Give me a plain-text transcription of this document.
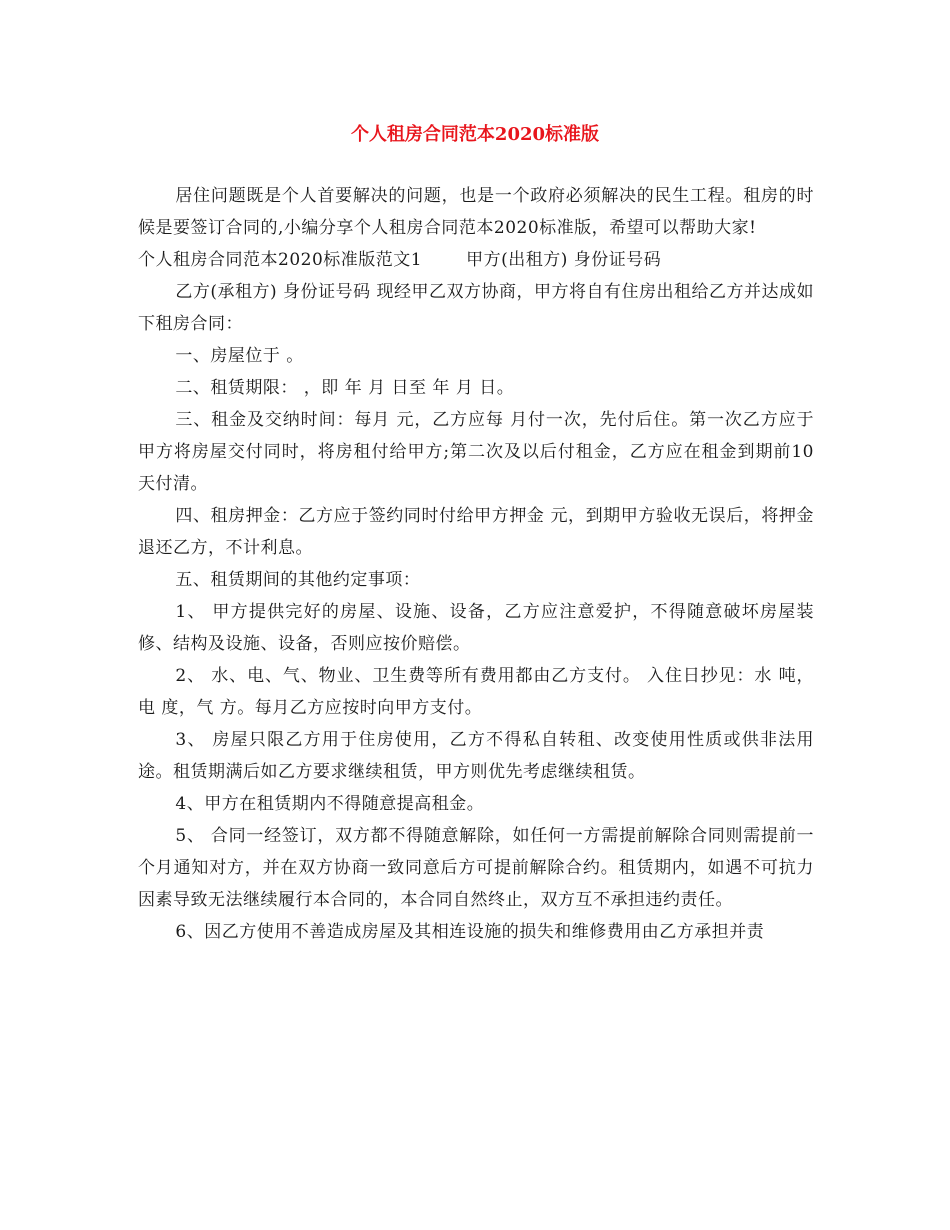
个人租房合同范本2020标准版

居住问题既是个人首要解决的问题，也是一个政府必须解决的民生工程。租房的时候是要签订合同的,小编分享个人租房合同范本2020标准版，希望可以帮助大家!

个人租房合同范本2020标准版范文1	甲方(出租方) 身份证号码

乙方(承租方) 身份证号码 现经甲乙双方协商，甲方将自有住房出租给乙方并达成如下租房合同：

一、房屋位于 。

二、租赁期限： ，即 年 月 日至 年 月 日。

三、租金及交纳时间：每月 元，乙方应每 月付一次，先付后住。第一次乙方应于甲方将房屋交付同时，将房租付给甲方;第二次及以后付租金，乙方应在租金到期前10天付清。

四、租房押金：乙方应于签约同时付给甲方押金 元，到期甲方验收无误后，将押金退还乙方，不计利息。

五、租赁期间的其他约定事项：

1、 甲方提供完好的房屋、设施、设备，乙方应注意爱护，不得随意破坏房屋装修、结构及设施、设备，否则应按价赔偿。

2、 水、电、气、物业、卫生费等所有费用都由乙方支付。 入住日抄见：水 吨，电 度，气 方。每月乙方应按时向甲方支付。

3、 房屋只限乙方用于住房使用，乙方不得私自转租、改变使用性质或供非法用途。租赁期满后如乙方要求继续租赁，甲方则优先考虑继续租赁。

4、甲方在租赁期内不得随意提高租金。

5、 合同一经签订，双方都不得随意解除，如任何一方需提前解除合同则需提前一个月通知对方，并在双方协商一致同意后方可提前解除合约。租赁期内，如遇不可抗力因素导致无法继续履行本合同的，本合同自然终止，双方互不承担违约责任。

6、因乙方使用不善造成房屋及其相连设施的损失和维修费用由乙方承担并责
